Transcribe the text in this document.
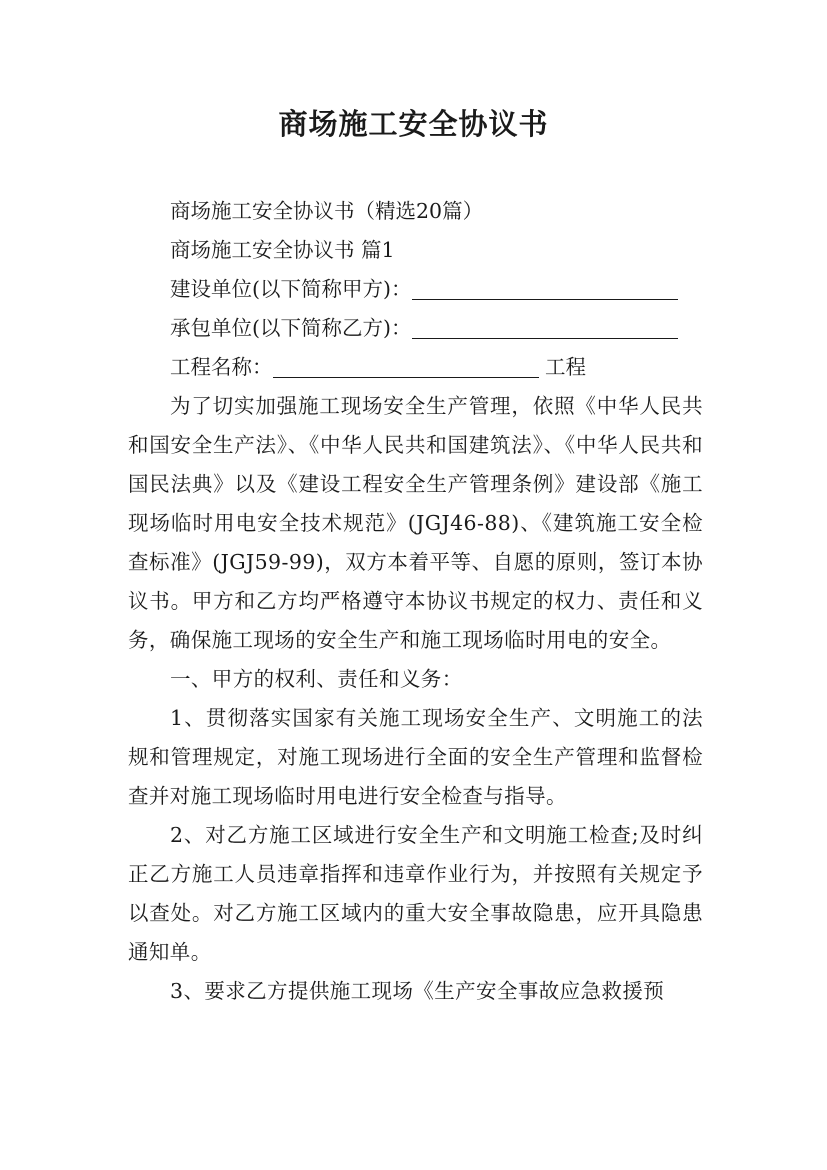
商场施工安全协议书

商场施工安全协议书（精选20篇）

商场施工安全协议书 篇1

建设单位(以下简称甲方)：

承包单位(以下简称乙方)：

工程名称：	工程

为了切实加强施工现场安全生产管理，依照《中华人民共和国安全生产法》、《中华人民共和国建筑法》、《中华人民共和国民法典》以及《建设工程安全生产管理条例》建设部《施工现场临时用电安全技术规范》(JGJ46-88)、《建筑施工安全检查标准》(JGJ59-99)，双方本着平等、自愿的原则，签订本协议书。甲方和乙方均严格遵守本协议书规定的权力、责任和义务，确保施工现场的安全生产和施工现场临时用电的安全。

一、甲方的权利、责任和义务：

1、贯彻落实国家有关施工现场安全生产、文明施工的法规和管理规定，对施工现场进行全面的安全生产管理和监督检查并对施工现场临时用电进行安全检查与指导。

2、对乙方施工区域进行安全生产和文明施工检查;及时纠正乙方施工人员违章指挥和违章作业行为，并按照有关规定予以查处。对乙方施工区域内的重大安全事故隐患，应开具隐患通知单。

3、要求乙方提供施工现场《生产安全事故应急救援预
